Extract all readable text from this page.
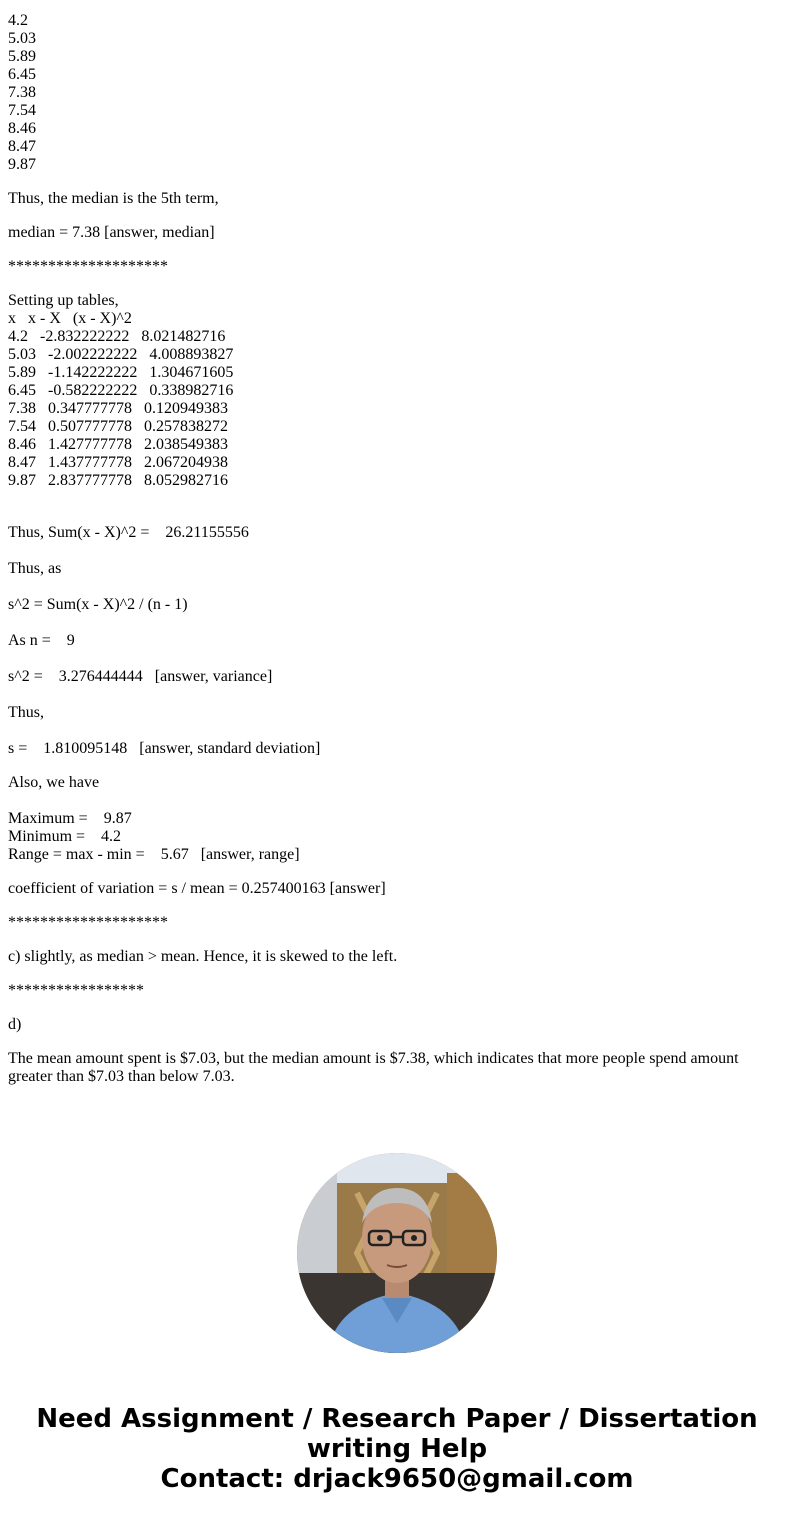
4.2
5.03
5.89
6.45
7.38
7.54
8.46
8.47
9.87
Thus, the median is the 5th term,
median = 7.38 [answer, median]
********************
Setting up tables,
x   x - X   (x - X)^2
4.2   -2.832222222   8.021482716
5.03   -2.002222222   4.008893827
5.89   -1.142222222   1.304671605
6.45   -0.582222222   0.338982716
7.38   0.347777778   0.120949383
7.54   0.507777778   0.257838272
8.46   1.427777778   2.038549383
8.47   1.437777778   2.067204938
9.87   2.837777778   8.052982716
Thus, Sum(x - X)^2 =    26.21155556
Thus, as
s^2 = Sum(x - X)^2 / (n - 1)
As n =    9
s^2 =    3.276444444   [answer, variance]
Thus,
s =    1.810095148   [answer, standard deviation]
Also, we have
Maximum =    9.87
Minimum =    4.2
Range = max - min =    5.67   [answer, range]
coefficient of variation = s / mean = 0.257400163 [answer]
********************
c) slightly, as median > mean. Hence, it is skewed to the left.
*****************
d)

The mean amount spent is $7.03, but the median amount is $7.38, which indicates that more people spend amount greater than $7.03 than below 7.03.

Need Assignment / Research Paper / Dissertation
writing Help
Contact: drjack9650@gmail.com
